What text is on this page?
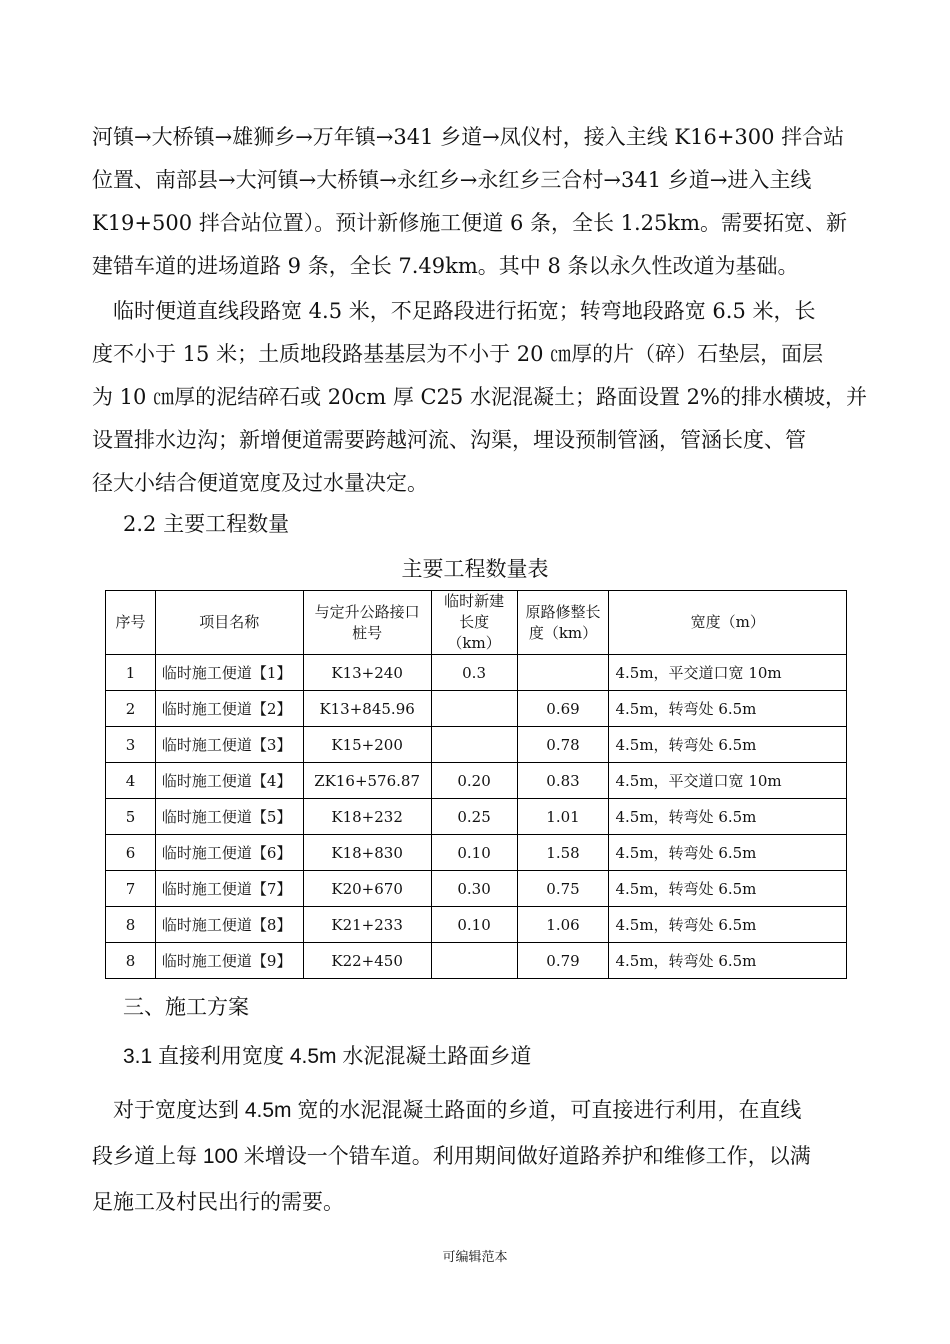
河镇→大桥镇→雄狮乡→万年镇→341 乡道→凤仪村，接入主线 K16+300 拌合站
位置、南部县→大河镇→大桥镇→永红乡→永红乡三合村→341 乡道→进入主线
K19+500 拌合站位置）。预计新修施工便道 6 条，全长 1.25km。需要拓宽、新
建错车道的进场道路 9 条，全长 7.49km。其中 8 条以永久性改道为基础。
　临时便道直线段路宽 4.5 米，不足路段进行拓宽；转弯地段路宽 6.5 米，长
度不小于 15 米；土质地段路基基层为不小于 20 ㎝厚的片（碎）石垫层，面层
为 10 ㎝厚的泥结碎石或 20cm 厚 C25 水泥混凝土；路面设置 2%的排水横坡，并
设置排水边沟；新增便道需要跨越河流、沟渠，埋设预制管涵，管涵长度、管
径大小结合便道宽度及过水量决定。
2.2 主要工程数量
主要工程数量表
序号	项目名称	与定升公路接口桩号	临时新建长度（km）	原路修整长度（km）	宽度（m）
1	临时施工便道【1】	K13+240	0.3		4.5m，平交道口宽 10m
2	临时施工便道【2】	K13+845.96		0.69	4.5m，转弯处 6.5m
3	临时施工便道【3】	K15+200		0.78	4.5m，转弯处 6.5m
4	临时施工便道【4】	ZK16+576.87	0.20	0.83	4.5m，平交道口宽 10m
5	临时施工便道【5】	K18+232	0.25	1.01	4.5m，转弯处 6.5m
6	临时施工便道【6】	K18+830	0.10	1.58	4.5m，转弯处 6.5m
7	临时施工便道【7】	K20+670	0.30	0.75	4.5m，转弯处 6.5m
8	临时施工便道【8】	K21+233	0.10	1.06	4.5m，转弯处 6.5m
8	临时施工便道【9】	K22+450		0.79	4.5m，转弯处 6.5m
三、施工方案
3.1 直接利用宽度 4.5m 水泥混凝土路面乡道
　对于宽度达到 4.5m 宽的水泥混凝土路面的乡道，可直接进行利用，在直线
段乡道上每 100 米增设一个错车道。利用期间做好道路养护和维修工作，以满
足施工及村民出行的需要。
可编辑范本
